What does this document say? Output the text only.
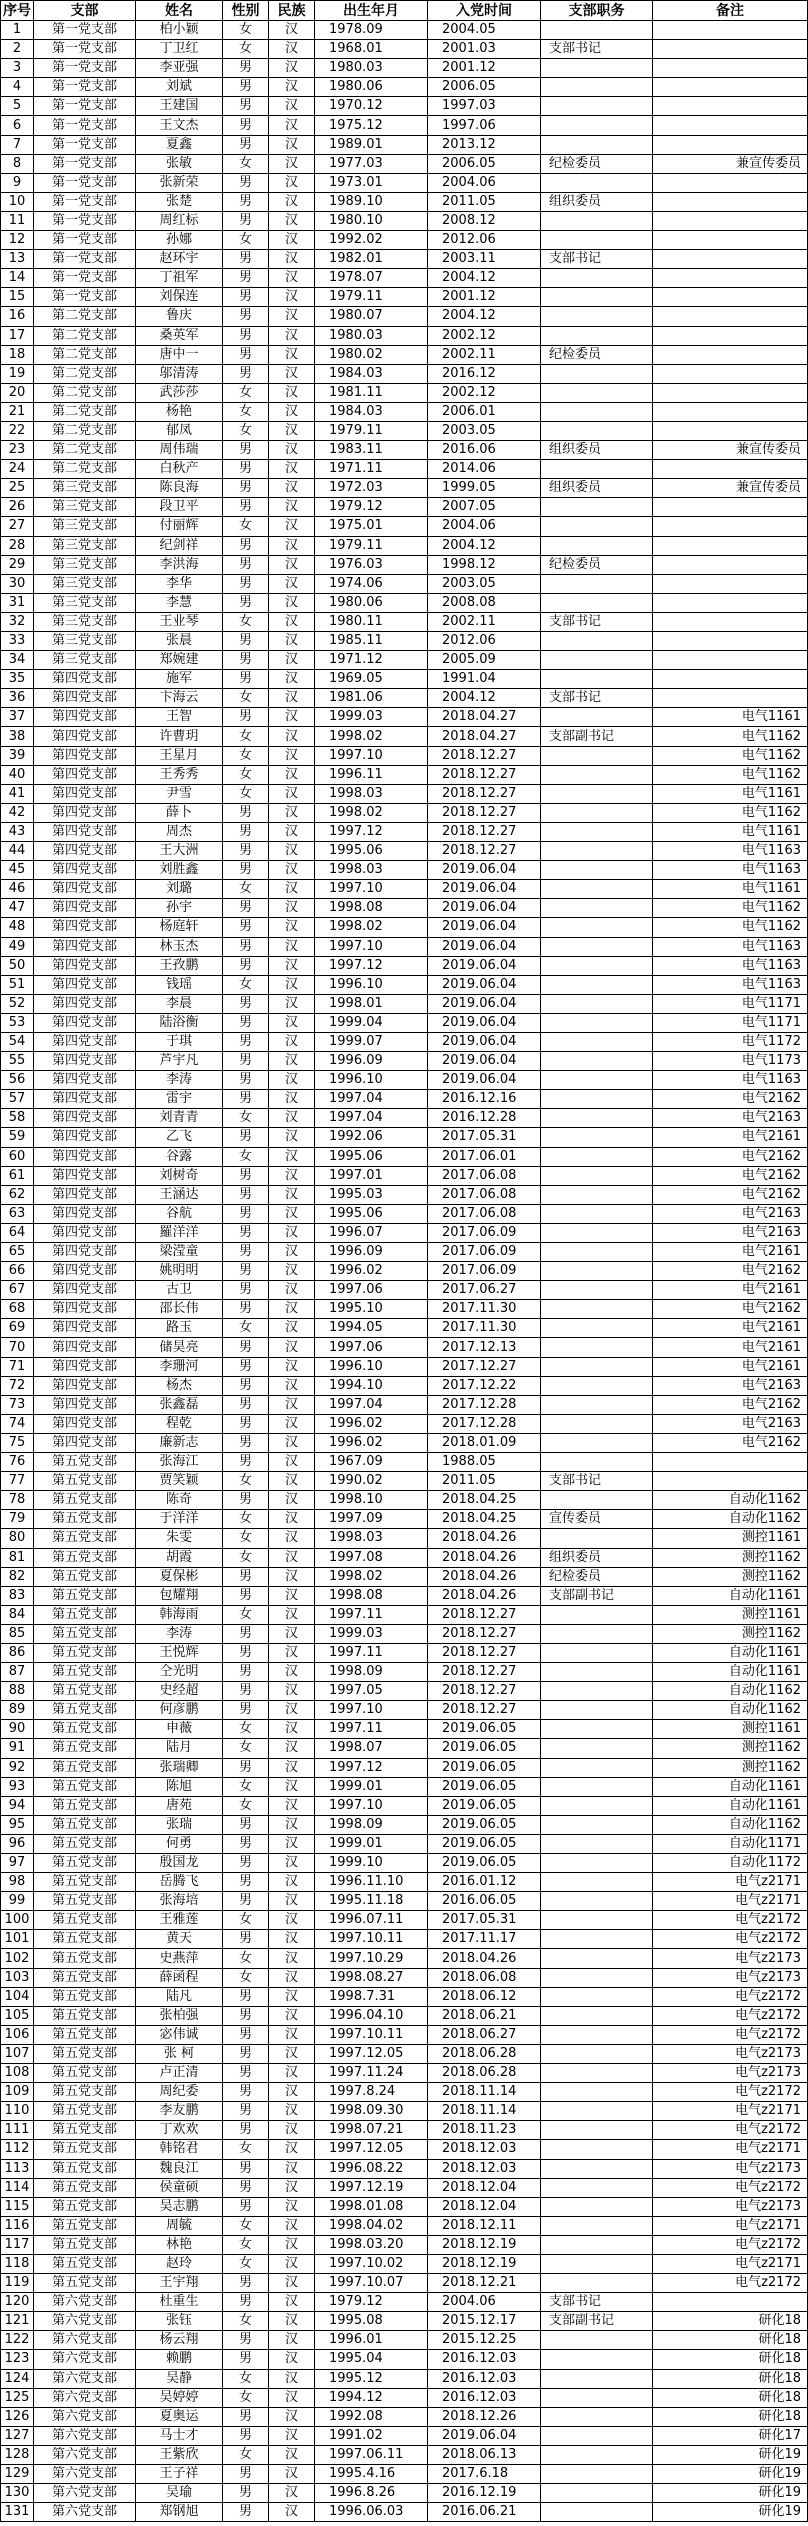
序号	支部	姓名	性别	民族	出生年月	入党时间	支部职务	备注
1	第一党支部	柏小颖	女	汉	1978.09	2004.05		
2	第一党支部	丁卫红	女	汉	1968.01	2001.03	支部书记	
3	第一党支部	李亚强	男	汉	1980.03	2001.12		
4	第一党支部	刘斌	男	汉	1980.06	2006.05		
5	第一党支部	王建国	男	汉	1970.12	1997.03		
6	第一党支部	王文杰	男	汉	1975.12	1997.06		
7	第一党支部	夏鑫	男	汉	1989.01	2013.12		
8	第一党支部	张敏	女	汉	1977.03	2006.05	纪检委员	兼宣传委员
9	第一党支部	张新荣	男	汉	1973.01	2004.06		
10	第一党支部	张楚	男	汉	1989.10	2011.05	组织委员	
11	第一党支部	周红标	男	汉	1980.10	2008.12		
12	第一党支部	孙娜	女	汉	1992.02	2012.06		
13	第一党支部	赵环宇	男	汉	1982.01	2003.11	支部书记	
14	第一党支部	丁祖军	男	汉	1978.07	2004.12		
15	第一党支部	刘保连	男	汉	1979.11	2001.12		
16	第二党支部	鲁庆	男	汉	1980.07	2004.12		
17	第二党支部	桑英军	男	汉	1980.03	2002.12		
18	第二党支部	唐中一	男	汉	1980.02	2002.11	纪检委员	
19	第二党支部	邬清涛	男	汉	1984.03	2016.12		
20	第二党支部	武莎莎	女	汉	1981.11	2002.12		
21	第二党支部	杨艳	女	汉	1984.03	2006.01		
22	第二党支部	郁凤	女	汉	1979.11	2003.05		
23	第二党支部	周伟瑞	男	汉	1983.11	2016.06	组织委员	兼宣传委员
24	第二党支部	白秋产	男	汉	1971.11	2014.06		
25	第三党支部	陈良海	男	汉	1972.03	1999.05	组织委员	兼宣传委员
26	第三党支部	段卫平	男	汉	1979.12	2007.05		
27	第三党支部	付丽辉	女	汉	1975.01	2004.06		
28	第三党支部	纪剑祥	男	汉	1979.11	2004.12		
29	第三党支部	李洪海	男	汉	1976.03	1998.12	纪检委员	
30	第三党支部	李华	男	汉	1974.06	2003.05		
31	第三党支部	李慧	男	汉	1980.06	2008.08		
32	第三党支部	王业琴	女	汉	1980.11	2002.11	支部书记	
33	第三党支部	张晨	男	汉	1985.11	2012.06		
34	第三党支部	郑婉建	男	汉	1971.12	2005.09		
35	第四党支部	施军	男	汉	1969.05	1991.04		
36	第四党支部	卞海云	女	汉	1981.06	2004.12	支部书记	
37	第四党支部	王智	男	汉	1999.03	2018.04.27		电气1161
38	第四党支部	许曹玥	女	汉	1998.02	2018.04.27	支部副书记	电气1162
39	第四党支部	王星月	女	汉	1997.10	2018.12.27		电气1162
40	第四党支部	王秀秀	女	汉	1996.11	2018.12.27		电气1162
41	第四党支部	尹雪	女	汉	1998.03	2018.12.27		电气1161
42	第四党支部	薛卜	男	汉	1998.02	2018.12.27		电气1162
43	第四党支部	周杰	男	汉	1997.12	2018.12.27		电气1161
44	第四党支部	王大洲	男	汉	1995.06	2018.12.27		电气1163
45	第四党支部	刘胜鑫	男	汉	1998.03	2019.06.04		电气1163
46	第四党支部	刘璐	女	汉	1997.10	2019.06.04		电气1161
47	第四党支部	孙宇	男	汉	1998.08	2019.06.04		电气1162
48	第四党支部	杨庭轩	男	汉	1998.02	2019.06.04		电气1162
49	第四党支部	林玉杰	男	汉	1997.10	2019.06.04		电气1163
50	第四党支部	王孜鹏	男	汉	1997.12	2019.06.04		电气1163
51	第四党支部	钱瑶	女	汉	1996.10	2019.06.04		电气1163
52	第四党支部	李晨	男	汉	1998.01	2019.06.04		电气1171
53	第四党支部	陆浴衡	男	汉	1999.04	2019.06.04		电气1171
54	第四党支部	于琪	男	汉	1999.07	2019.06.04		电气1172
55	第四党支部	芦宇凡	男	汉	1996.09	2019.06.04		电气1173
56	第四党支部	李涛	男	汉	1996.10	2019.06.04		电气1163
57	第四党支部	雷宇	男	汉	1997.04	2016.12.16		电气2162
58	第四党支部	刘青青	女	汉	1997.04	2016.12.28		电气2163
59	第四党支部	乙飞	男	汉	1992.06	2017.05.31		电气2161
60	第四党支部	谷露	女	汉	1995.06	2017.06.01		电气2162
61	第四党支部	刘树奇	男	汉	1997.01	2017.06.08		电气2162
62	第四党支部	王涵达	男	汉	1995.03	2017.06.08		电气2162
63	第四党支部	谷航	男	汉	1995.06	2017.06.08		电气2163
64	第四党支部	羅洋洋	男	汉	1996.07	2017.06.09		电气2163
65	第四党支部	梁滢童	男	汉	1996.09	2017.06.09		电气2161
66	第四党支部	姚明明	男	汉	1996.02	2017.06.09		电气2162
67	第四党支部	古卫	男	汉	1997.06	2017.06.27		电气2161
68	第四党支部	邵长伟	男	汉	1995.10	2017.11.30		电气2162
69	第四党支部	路玉	女	汉	1994.05	2017.11.30		电气2161
70	第四党支部	储昊亮	男	汉	1997.06	2017.12.13		电气2161
71	第四党支部	李珊河	男	汉	1996.10	2017.12.27		电气2161
72	第四党支部	杨杰	男	汉	1994.10	2017.12.22		电气2163
73	第四党支部	张鑫磊	男	汉	1997.04	2017.12.28		电气2162
74	第四党支部	程乾	男	汉	1996.02	2017.12.28		电气2163
75	第四党支部	廉新志	男	汉	1996.02	2018.01.09		电气2162
76	第五党支部	张海江	男	汉	1967.09	1988.05		
77	第五党支部	贾笑颖	女	汉	1990.02	2011.05	支部书记	
78	第五党支部	陈奇	男	汉	1998.10	2018.04.25		自动化1162
79	第五党支部	于洋洋	女	汉	1997.09	2018.04.25	宣传委员	自动化1162
80	第五党支部	朱雯	女	汉	1998.03	2018.04.26		测控1161
81	第五党支部	胡霞	女	汉	1997.08	2018.04.26	组织委员	测控1162
82	第五党支部	夏保彬	男	汉	1998.02	2018.04.26	纪检委员	测控1162
83	第五党支部	包耀翔	男	汉	1998.08	2018.04.26	支部副书记	自动化1161
84	第五党支部	韩海雨	女	汉	1997.11	2018.12.27		测控1161
85	第五党支部	李涛	男	汉	1999.03	2018.12.27		测控1162
86	第五党支部	王悦辉	男	汉	1997.11	2018.12.27		自动化1161
87	第五党支部	仝光明	男	汉	1998.09	2018.12.27		自动化1161
88	第五党支部	史经超	男	汉	1997.05	2018.12.27		自动化1162
89	第五党支部	何彦鹏	男	汉	1997.10	2018.12.27		自动化1162
90	第五党支部	申薇	女	汉	1997.11	2019.06.05		测控1161
91	第五党支部	陆月	女	汉	1998.07	2019.06.05		测控1162
92	第五党支部	张瑞卿	男	汉	1997.12	2019.06.05		测控1162
93	第五党支部	陈旭	女	汉	1999.01	2019.06.05		自动化1161
94	第五党支部	唐苑	女	汉	1997.10	2019.06.05		自动化1161
95	第五党支部	张瑞	男	汉	1998.09	2019.06.05		自动化1162
96	第五党支部	何勇	男	汉	1999.01	2019.06.05		自动化1171
97	第五党支部	殷国龙	男	汉	1999.10	2019.06.05		自动化1172
98	第五党支部	岳腾飞	男	汉	1996.11.10	2016.01.12		电气z2171
99	第五党支部	张海培	男	汉	1995.11.18	2016.06.05		电气z2171
100	第五党支部	王雅莲	女	汉	1996.07.11	2017.05.31		电气z2172
101	第五党支部	黄天	男	汉	1997.10.11	2017.11.17		电气z2172
102	第五党支部	史燕萍	女	汉	1997.10.29	2018.04.26		电气z2173
103	第五党支部	薛函程	女	汉	1998.08.27	2018.06.08		电气z2173
104	第五党支部	陆凡	男	汉	1998.7.31	2018.06.12		电气z2172
105	第五党支部	张柏强	男	汉	1996.04.10	2018.06.21		电气z2172
106	第五党支部	宓伟诚	男	汉	1997.10.11	2018.06.27		电气z2172
107	第五党支部	张 柯	男	汉	1997.12.05	2018.06.28		电气z2173
108	第五党支部	卢正清	男	汉	1997.11.24	2018.06.28		电气z2173
109	第五党支部	周纪委	男	汉	1997.8.24	2018.11.14		电气z2172
110	第五党支部	李友鹏	男	汉	1998.09.30	2018.11.14		电气z2171
111	第五党支部	丁欢欢	男	汉	1998.07.21	2018.11.23		电气z2172
112	第五党支部	韩铭君	女	汉	1997.12.05	2018.12.03		电气z2171
113	第五党支部	魏良江	男	汉	1996.08.22	2018.12.03		电气z2173
114	第五党支部	侯童硕	男	汉	1997.12.19	2018.12.04		电气z2172
115	第五党支部	吴志鹏	男	汉	1998.01.08	2018.12.04		电气z2173
116	第五党支部	周毓	女	汉	1998.04.02	2018.12.11		电气z2171
117	第五党支部	林艳	女	汉	1998.03.20	2018.12.19		电气z2172
118	第五党支部	赵玲	女	汉	1997.10.02	2018.12.19		电气z2171
119	第五党支部	王宇翔	男	汉	1997.10.07	2018.12.21		电气z2172
120	第六党支部	杜重生	男	汉	1979.12	2004.06	支部书记	
121	第六党支部	张钰	女	汉	1995.08	2015.12.17	支部副书记	研化18
122	第六党支部	杨云翔	男	汉	1996.01	2015.12.25		研化18
123	第六党支部	赖鹏	男	汉	1995.04	2016.12.03		研化18
124	第六党支部	吴静	女	汉	1995.12	2016.12.03		研化18
125	第六党支部	吴婷婷	女	汉	1994.12	2016.12.03		研化18
126	第六党支部	夏奥运	男	汉	1992.08	2018.12.26		研化18
127	第六党支部	马士才	男	汉	1991.02	2019.06.04		研化17
128	第六党支部	王紫欣	女	汉	1997.06.11	2018.06.13		研化19
129	第六党支部	王子祥	男	汉	1995.4.16	2017.6.18		研化19
130	第六党支部	吴瑜	男	汉	1996.8.26	2016.12.19		研化19
131	第六党支部	郑钢旭	男	汉	1996.06.03	2016.06.21		研化19
